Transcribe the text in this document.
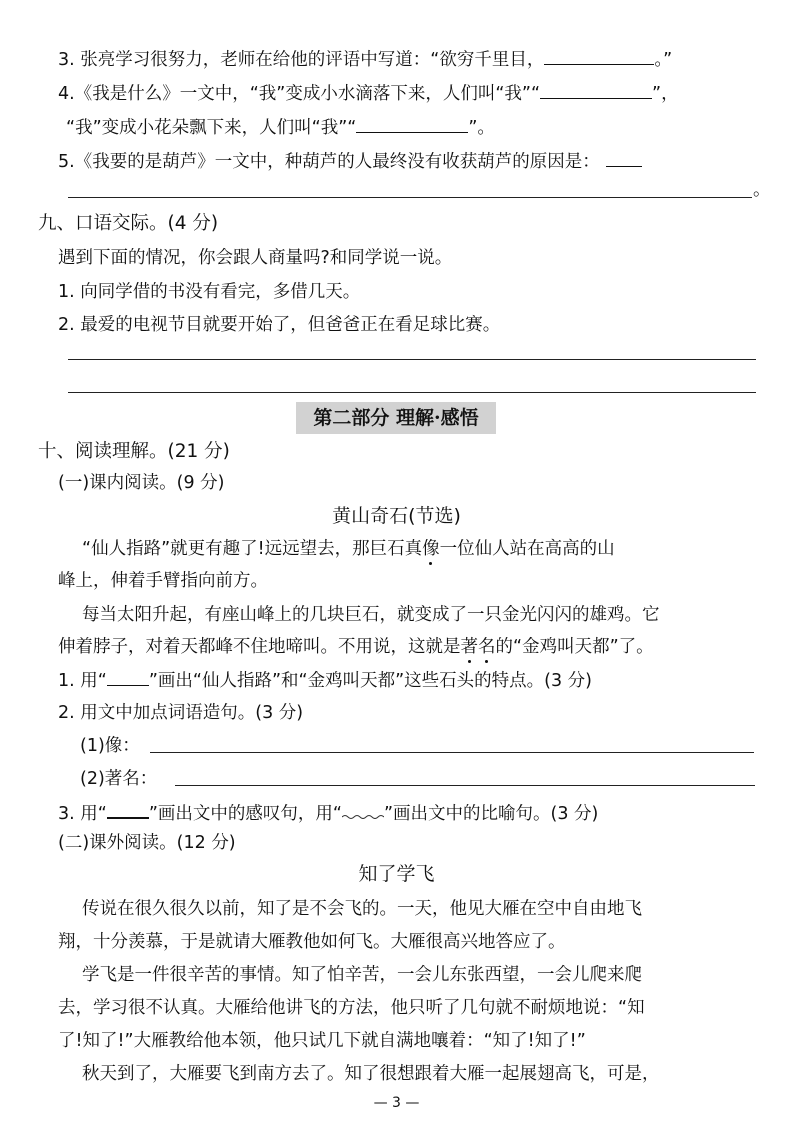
3. 张亮学习很努力，老师在给他的评语中写道：“欲穷千里目，	。”
4.《我是什么》一文中，“我”变成小水滴落下来，人们叫“我”“	”，
“我”变成小花朵飘下来，人们叫“我”“	”。
5.《我要的是葫芦》一文中，种葫芦的人最终没有收获葫芦的原因是：
。
九、口语交际。(4 分)
遇到下面的情况，你会跟人商量吗?和同学说一说。
1. 向同学借的书没有看完，多借几天。
2. 最爱的电视节目就要开始了，但爸爸正在看足球比赛。
第二部分 理解·感悟
十、阅读理解。(21 分)
(一)课内阅读。(9 分)
黄山奇石(节选)
“仙人指路”就更有趣了!远远望去，那巨石真像一位仙人站在高高的山
峰上，伸着手臂指向前方。
每当太阳升起，有座山峰上的几块巨石，就变成了一只金光闪闪的雄鸡。它
伸着脖子，对着天都峰不住地啼叫。不用说，这就是著名的“金鸡叫天都”了。
1. 用“ ”画出“仙人指路”和“金鸡叫天都”这些石头的特点。(3 分)
2. 用文中加点词语造句。(3 分)
(1)像：
(2)著名：
3. 用“ ”画出文中的感叹句，用“ ”画出文中的比喻句。(3 分)
(二)课外阅读。(12 分)
知了学飞
传说在很久很久以前，知了是不会飞的。一天，他见大雁在空中自由地飞
翔，十分羡慕，于是就请大雁教他如何飞。大雁很高兴地答应了。
学飞是一件很辛苦的事情。知了怕辛苦，一会儿东张西望，一会儿爬来爬
去，学习很不认真。大雁给他讲飞的方法，他只听了几句就不耐烦地说：“知
了!知了!”大雁教给他本领，他只试几下就自满地嚷着：“知了!知了!”
秋天到了，大雁要飞到南方去了。知了很想跟着大雁一起展翅高飞，可是，
— 3 —
